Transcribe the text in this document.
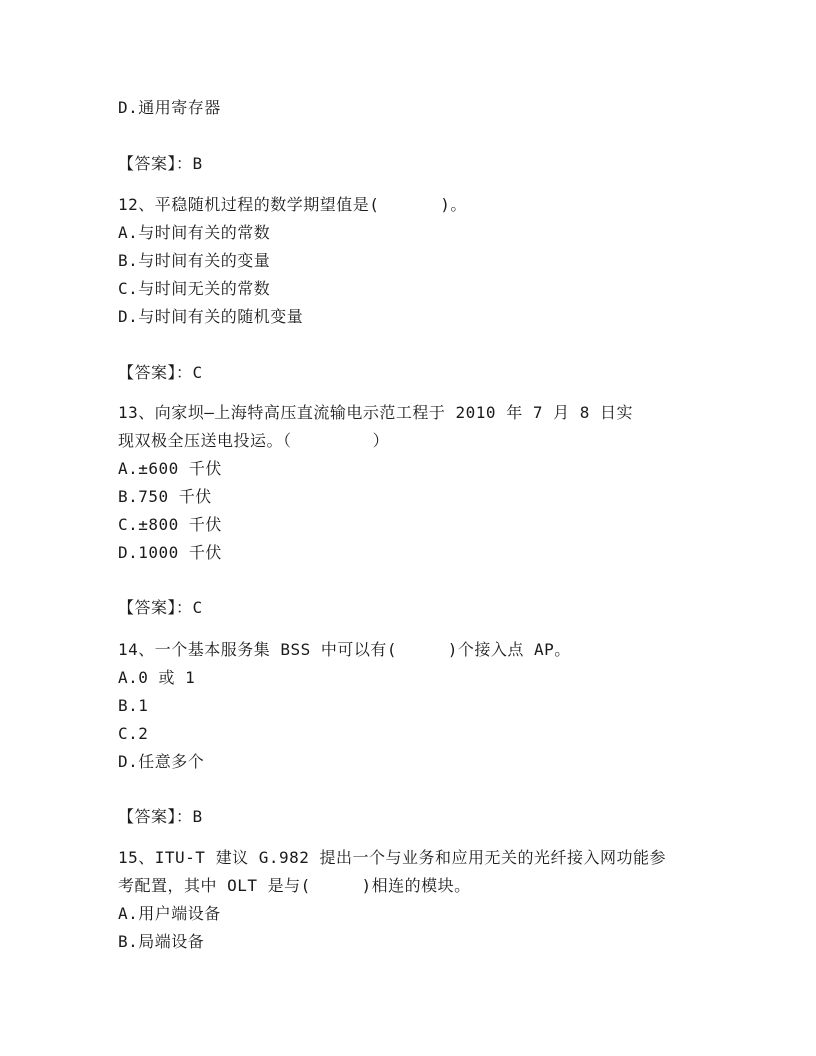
D.通用寄存器
【答案】：B
12、平稳随机过程的数学期望值是(      )。
A.与时间有关的常数
B.与时间有关的变量
C.与时间无关的常数
D.与时间有关的随机变量
【答案】：C
13、向家坝—上海特高压直流输电示范工程于 2010 年 7 月 8 日实
现双极全压送电投运。（        ）
A.±600 千伏
B.750 千伏
C.±800 千伏
D.1000 千伏
【答案】：C
14、一个基本服务集 BSS 中可以有(     )个接入点 AP。
A.0 或 1
B.1
C.2
D.任意多个
【答案】：B
15、ITU-T 建议 G.982 提出一个与业务和应用无关的光纤接入网功能参
考配置，其中 OLT 是与(     )相连的模块。
A.用户端设备
B.局端设备
